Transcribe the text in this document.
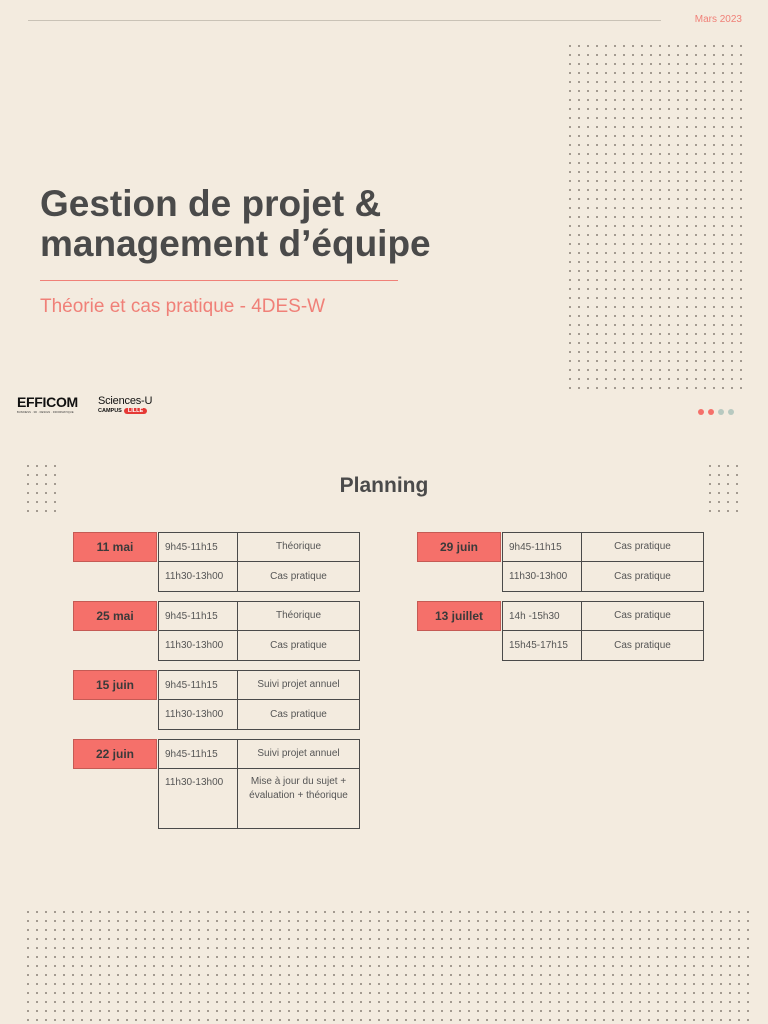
Mars 2023
Gestion de projet &
management d’équipe
Théorie et cas pratique - 4DES-W
EFFICOM
BUSINESS · 3D · DESIGN · INFORMATIQUE
Sciences-U
CAMPUS	LILLE
Planning
11 mai	9h45-11h15	Théorique
11h30-13h00	Cas pratique
25 mai	9h45-11h15	Théorique
11h30-13h00	Cas pratique
15 juin	9h45-11h15	Suivi projet annuel
11h30-13h00	Cas pratique
22 juin	9h45-11h15	Suivi projet annuel
11h30-13h00	Mise à jour du sujet + évaluation + théorique
29 juin	9h45-11h15	Cas pratique
11h30-13h00	Cas pratique
13 juillet	14h -15h30	Cas pratique
15h45-17h15	Cas pratique
